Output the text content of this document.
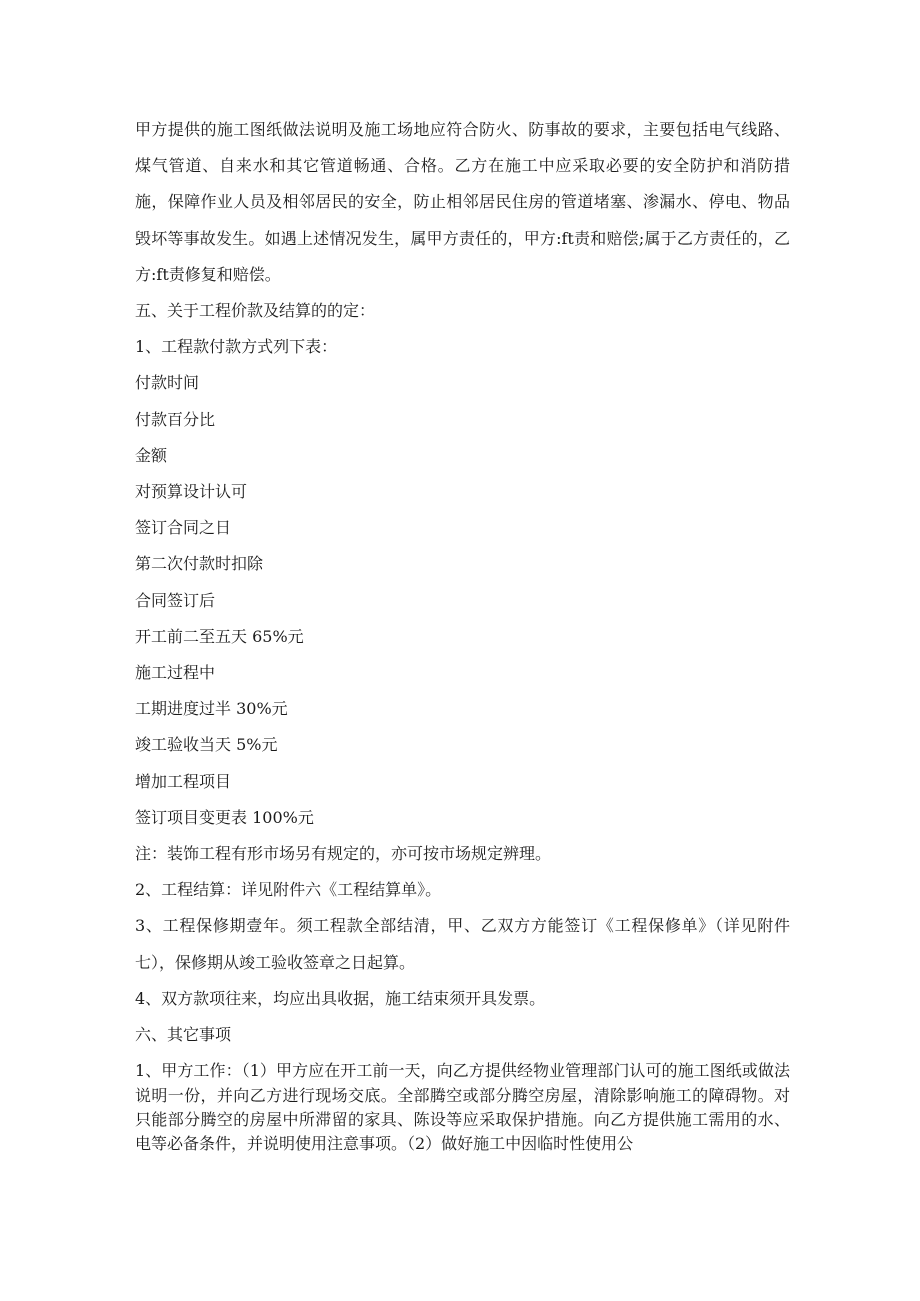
甲方提供的施工图纸做法说明及施工场地应符合防火、防事故的要求，主要包括电气线路、煤气管道、自来水和其它管道畅通、合格。乙方在施工中应采取必要的安全防护和消防措施，保障作业人员及相邻居民的安全，防止相邻居民住房的管道堵塞、渗漏水、停电、物品毁坏等事故发生。如遇上述情况发生，属甲方责任的，甲方:ft责和赔偿;属于乙方责任的，乙方:ft责修复和赔偿。

五、关于工程价款及结算的的定：

1、工程款付款方式列下表：

付款时间

付款百分比

金额

对预算设计认可

签订合同之日

第二次付款时扣除

合同签订后

开工前二至五天 65%元

施工过程中

工期进度过半 30%元

竣工验收当天 5%元

增加工程项目

签订项目变更表 100%元

注：装饰工程有形市场另有规定的，亦可按市场规定辨理。

2、工程结算：详见附件六《工程结算单》。

3、工程保修期壹年。须工程款全部结清，甲、乙双方方能签订《工程保修单》（详见附件七），保修期从竣工验收签章之日起算。

4、双方款项往来，均应出具收据，施工结束须开具发票。

六、其它事项

1、甲方工作：（1）甲方应在开工前一天，向乙方提供经物业管理部门认可的施工图纸或做法说明一份，并向乙方进行现场交底。全部腾空或部分腾空房屋，清除影响施工的障碍物。对只能部分腾空的房屋中所滞留的家具、陈设等应采取保护措施。向乙方提供施工需用的水、电等必备条件，并说明使用注意事项。（2）做好施工中因临时性使用公
